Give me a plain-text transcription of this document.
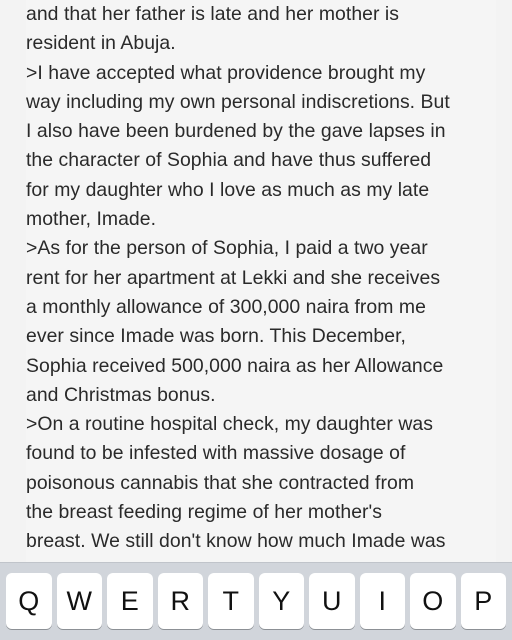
and that her father is late and her mother is
resident in Abuja.
>I have accepted what providence brought my
way including my own personal indiscretions. But
I also have been burdened by the gave lapses in
the character of Sophia and have thus suffered
for my daughter who I love as much as my late
mother, Imade.
>As for the person of Sophia, I paid a two year
rent for her apartment at Lekki and she receives
a monthly allowance of 300,000 naira from me
ever since Imade was born. This December,
Sophia received 500,000 naira as her Allowance
and Christmas bonus.
>On a routine hospital check, my daughter was
found to be infested with massive dosage of
poisonous cannabis that she contracted from
the breast feeding regime of her mother's
breast. We still don't know how much Imade was
Q	W	E	R	T	Y	U	I	O	P
